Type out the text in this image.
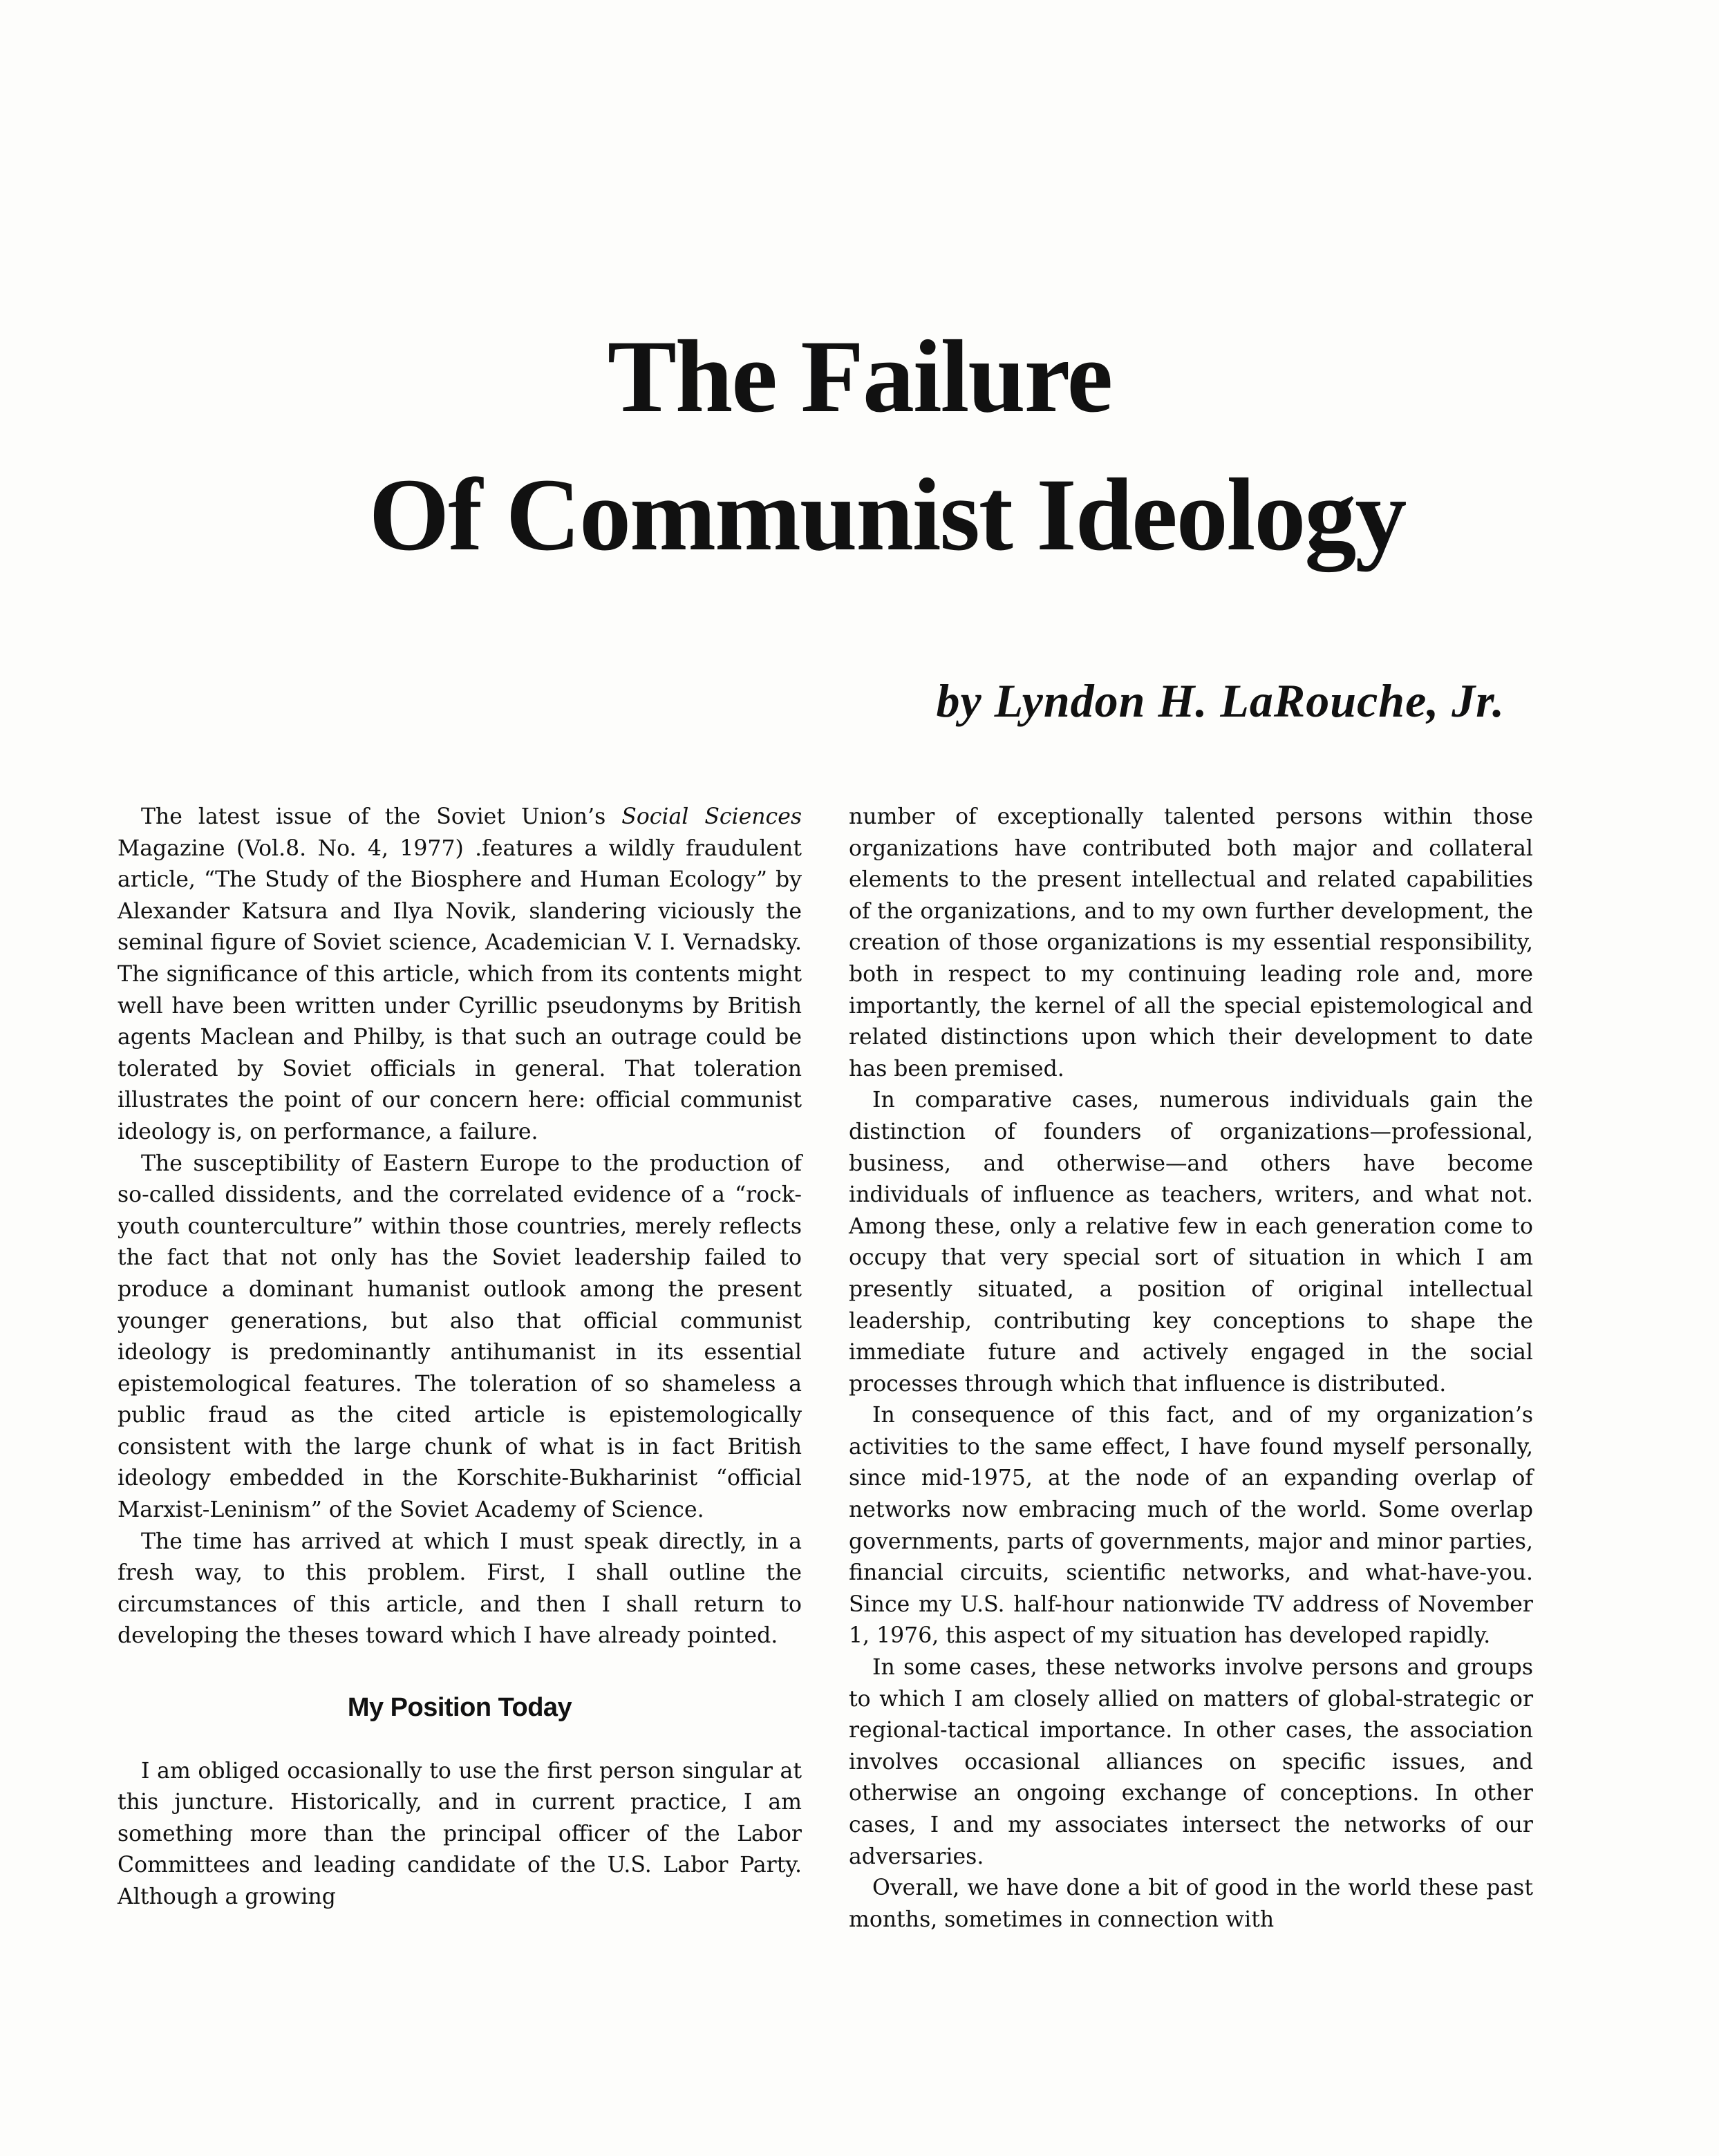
The Failure
Of Communist Ideology
by Lyndon H. LaRouche, Jr.

The latest issue of the Soviet Union’s Social Sciences Magazine (Vol.8. No. 4, 1977) .features a wildly fraudulent article, “The Study of the Biosphere and Human Ecology” by Alexander Katsura and Ilya Novik, slandering viciously the seminal figure of Soviet science, Academician V. I. Vernadsky. The significance of this article, which from its contents might well have been written under Cyrillic pseudonyms by British agents Maclean and Philby, is that such an outrage could be tolerated by Soviet officials in general. That toleration illustrates the point of our concern here: official communist ideology is, on performance, a failure.

The susceptibility of Eastern Europe to the production of so-called dissidents, and the correlated evidence of a “rock-youth counterculture” within those countries, merely reflects the fact that not only has the Soviet leadership failed to produce a dominant humanist outlook among the present younger generations, but also that official communist ideology is predominantly antihumanist in its essential epistemological features. The toleration of so shameless a public fraud as the cited article is epistemologically consistent with the large chunk of what is in fact British ideology embedded in the Korschite-Bukharinist “official Marxist-Leninism” of the Soviet Academy of Science.

The time has arrived at which I must speak directly, in a fresh way, to this problem. First, I shall outline the circumstances of this article, and then I shall return to developing the theses toward which I have already pointed.

My Position Today

I am obliged occasionally to use the first person singular at this juncture. Historically, and in current practice, I am something more than the principal officer of the Labor Committees and leading candidate of the U.S. Labor Party. Although a growing

number of exceptionally talented persons within those organizations have contributed both major and collateral elements to the present intellectual and related capabilities of the organizations, and to my own further development, the creation of those organizations is my essential responsibility, both in respect to my continuing leading role and, more importantly, the kernel of all the special epistemological and related distinctions upon which their development to date has been premised.

In comparative cases, numerous individuals gain the distinction of founders of organizations—professional, business, and otherwise—and others have become individuals of influence as teachers, writers, and what not. Among these, only a relative few in each generation come to occupy that very special sort of situation in which I am presently situated, a position of original intellectual leadership, contributing key conceptions to shape the immediate future and actively engaged in the social processes through which that influence is distributed.

In consequence of this fact, and of my organization’s activities to the same effect, I have found myself personally, since mid-1975, at the node of an expanding overlap of networks now embracing much of the world. Some overlap governments, parts of governments, major and minor parties, financial circuits, scientific networks, and what-have-you. Since my U.S. half-hour nationwide TV address of November 1, 1976, this aspect of my situation has developed rapidly.

In some cases, these networks involve persons and groups to which I am closely allied on matters of global-strategic or regional-tactical importance. In other cases, the association involves occasional alliances on specific issues, and otherwise an ongoing exchange of conceptions. In other cases, I and my associates intersect the networks of our adversaries.

Overall, we have done a bit of good in the world these past months, sometimes in connection with
